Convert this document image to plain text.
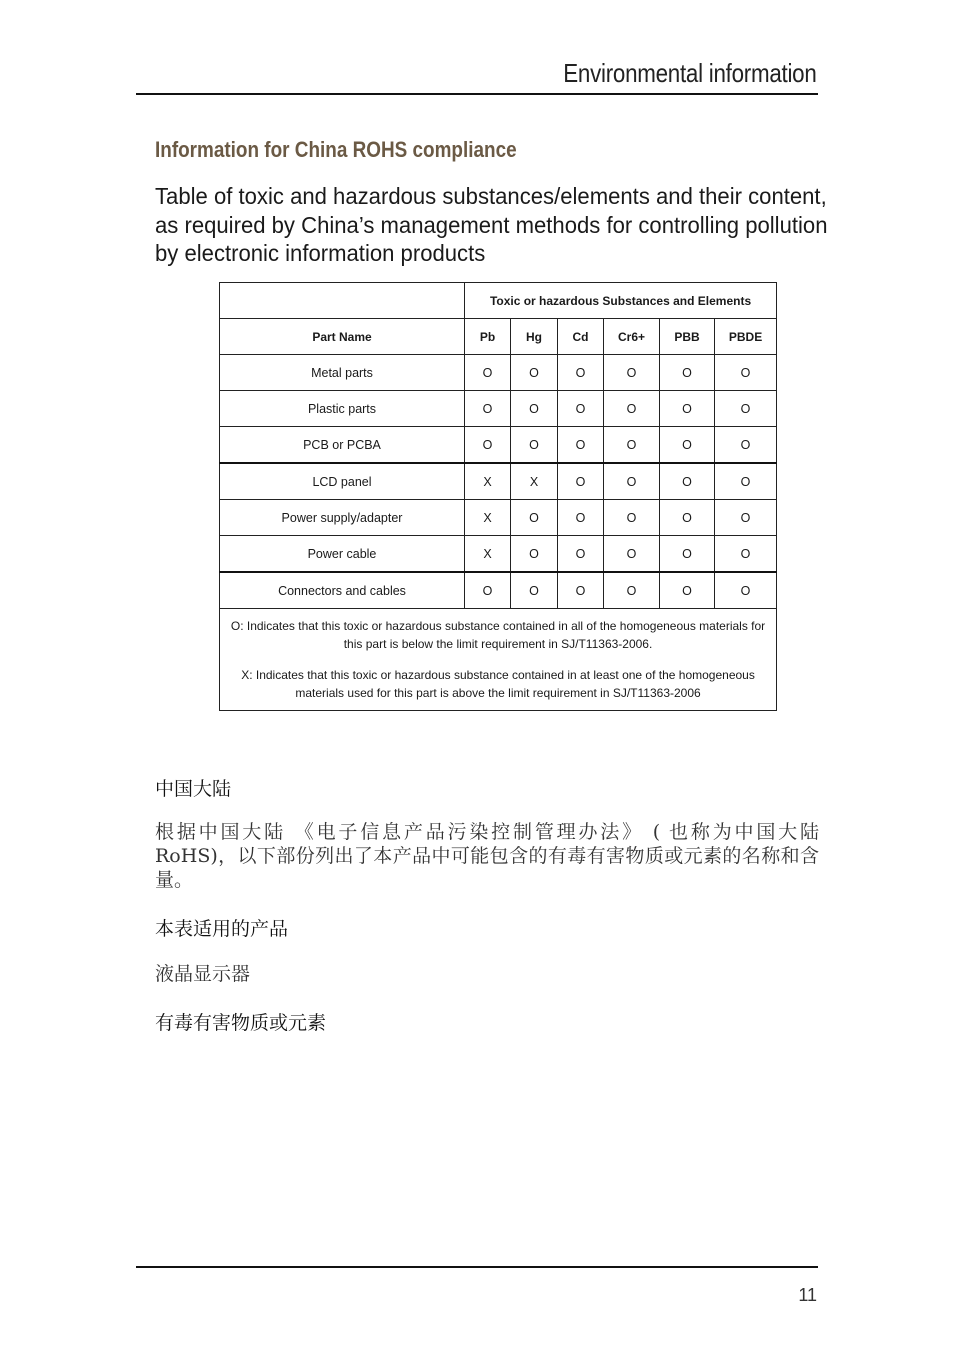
Environmental information
Information for China ROHS compliance
Table of toxic and hazardous substances/elements and their content,
as required by China’s management methods for controlling pollution
by electronic information products
	Toxic or hazardous Substances and Elements					
Part Name	Pb	Hg	Cd	Cr6+	PBB	PBDE
Metal parts	O	O	O	O	O	O
Plastic parts	O	O	O	O	O	O
PCB or PCBA	O	O	O	O	O	O
LCD panel	X	X	O	O	O	O
Power supply/adapter	X	O	O	O	O	O
Power cable	X	O	O	O	O	O
Connectors and cables	O	O	O	O	O	O

O: Indicates that this toxic or hazardous substance contained in all of the homogeneous materials for this part is below the limit requirement in SJ/T11363-2006.

X: Indicates that this toxic or hazardous substance contained in at least one of the homogeneous materials used for this part is above the limit requirement in SJ/T11363-2006						

中国大陆
根据中国大陆 《电子信息产品污染控制管理办法》 ( 也称为中国大陆 RoHS)，以下部份列出了本产品中可能包含的有毒有害物质或元素的名称和含量。
本表适用的产品
液晶显示器
有毒有害物质或元素
11
